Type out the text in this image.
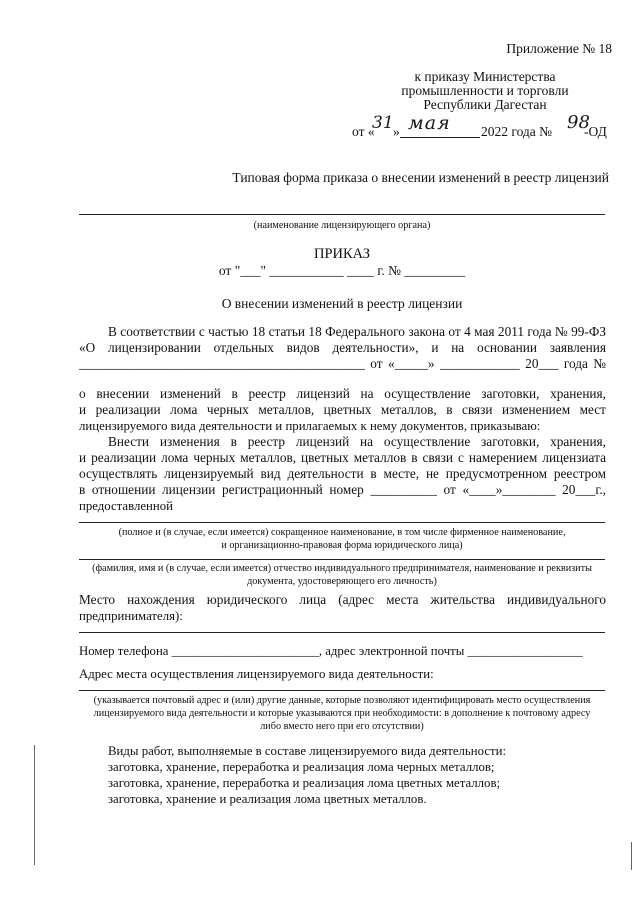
Приложение № 18
к приказу Министерства
промышленности и торговли
Республики Дагестан
от «
31 » мая 2022 года № 98
-ОД
Типовая форма приказа о внесении изменений в реестр лицензий
(наименование лицензирующего органа)
ПРИКАЗ
от "___" ___________ ____ г. № _________
О внесении изменений в реестр лицензии
В соответствии с частью 18 статьи 18 Федерального закона от 4 мая 2011 года № 99-ФЗ
«О лицензировании отдельных видов деятельности», и на основании заявления
___________________________________________ от «_____» ____________ 20___ года №
о внесении изменений в реестр лицензий на осуществление заготовки, хранения,
и реализации лома черных металлов, цветных металлов, в связи изменением мест
лицензируемого вида деятельности и прилагаемых к нему документов, приказываю:
Внести изменения в реестр лицензий на осуществление заготовки, хранения,
и реализации лома черных металлов, цветных металлов в связи с намерением лицензиата
осуществлять лицензируемый вид деятельности в месте, не предусмотренном реестром
в отношении лицензии регистрационный номер __________ от «____»________ 20___г.,
предоставленной
(полное и (в случае, если имеется) сокращенное наименование, в том числе фирменное наименование,
и организационно-правовая форма юридического лица)
(фамилия, имя и (в случае, если имеется) отчество индивидуального предпринимателя, наименование и реквизиты
документа, удостоверяющего его личность)
Место нахождения юридического лица (адрес места жительства индивидуального
предпринимателя):
Номер телефона _______________________, адрес электронной почты __________________
Адрес места осуществления лицензируемого вида деятельности:
(указывается почтовый адрес и (или) другие данные, которые позволяют идентифицировать место осуществления
лицензируемого вида деятельности и которые указываются при необходимости: в дополнение к почтовому адресу
либо вместо него при его отсутствии)
Виды работ, выполняемые в составе лицензируемого вида деятельности:
заготовка, хранение, переработка и реализация лома черных металлов;
заготовка, хранение, переработка и реализация лома цветных металлов;
заготовка, хранение и реализация лома цветных металлов.
